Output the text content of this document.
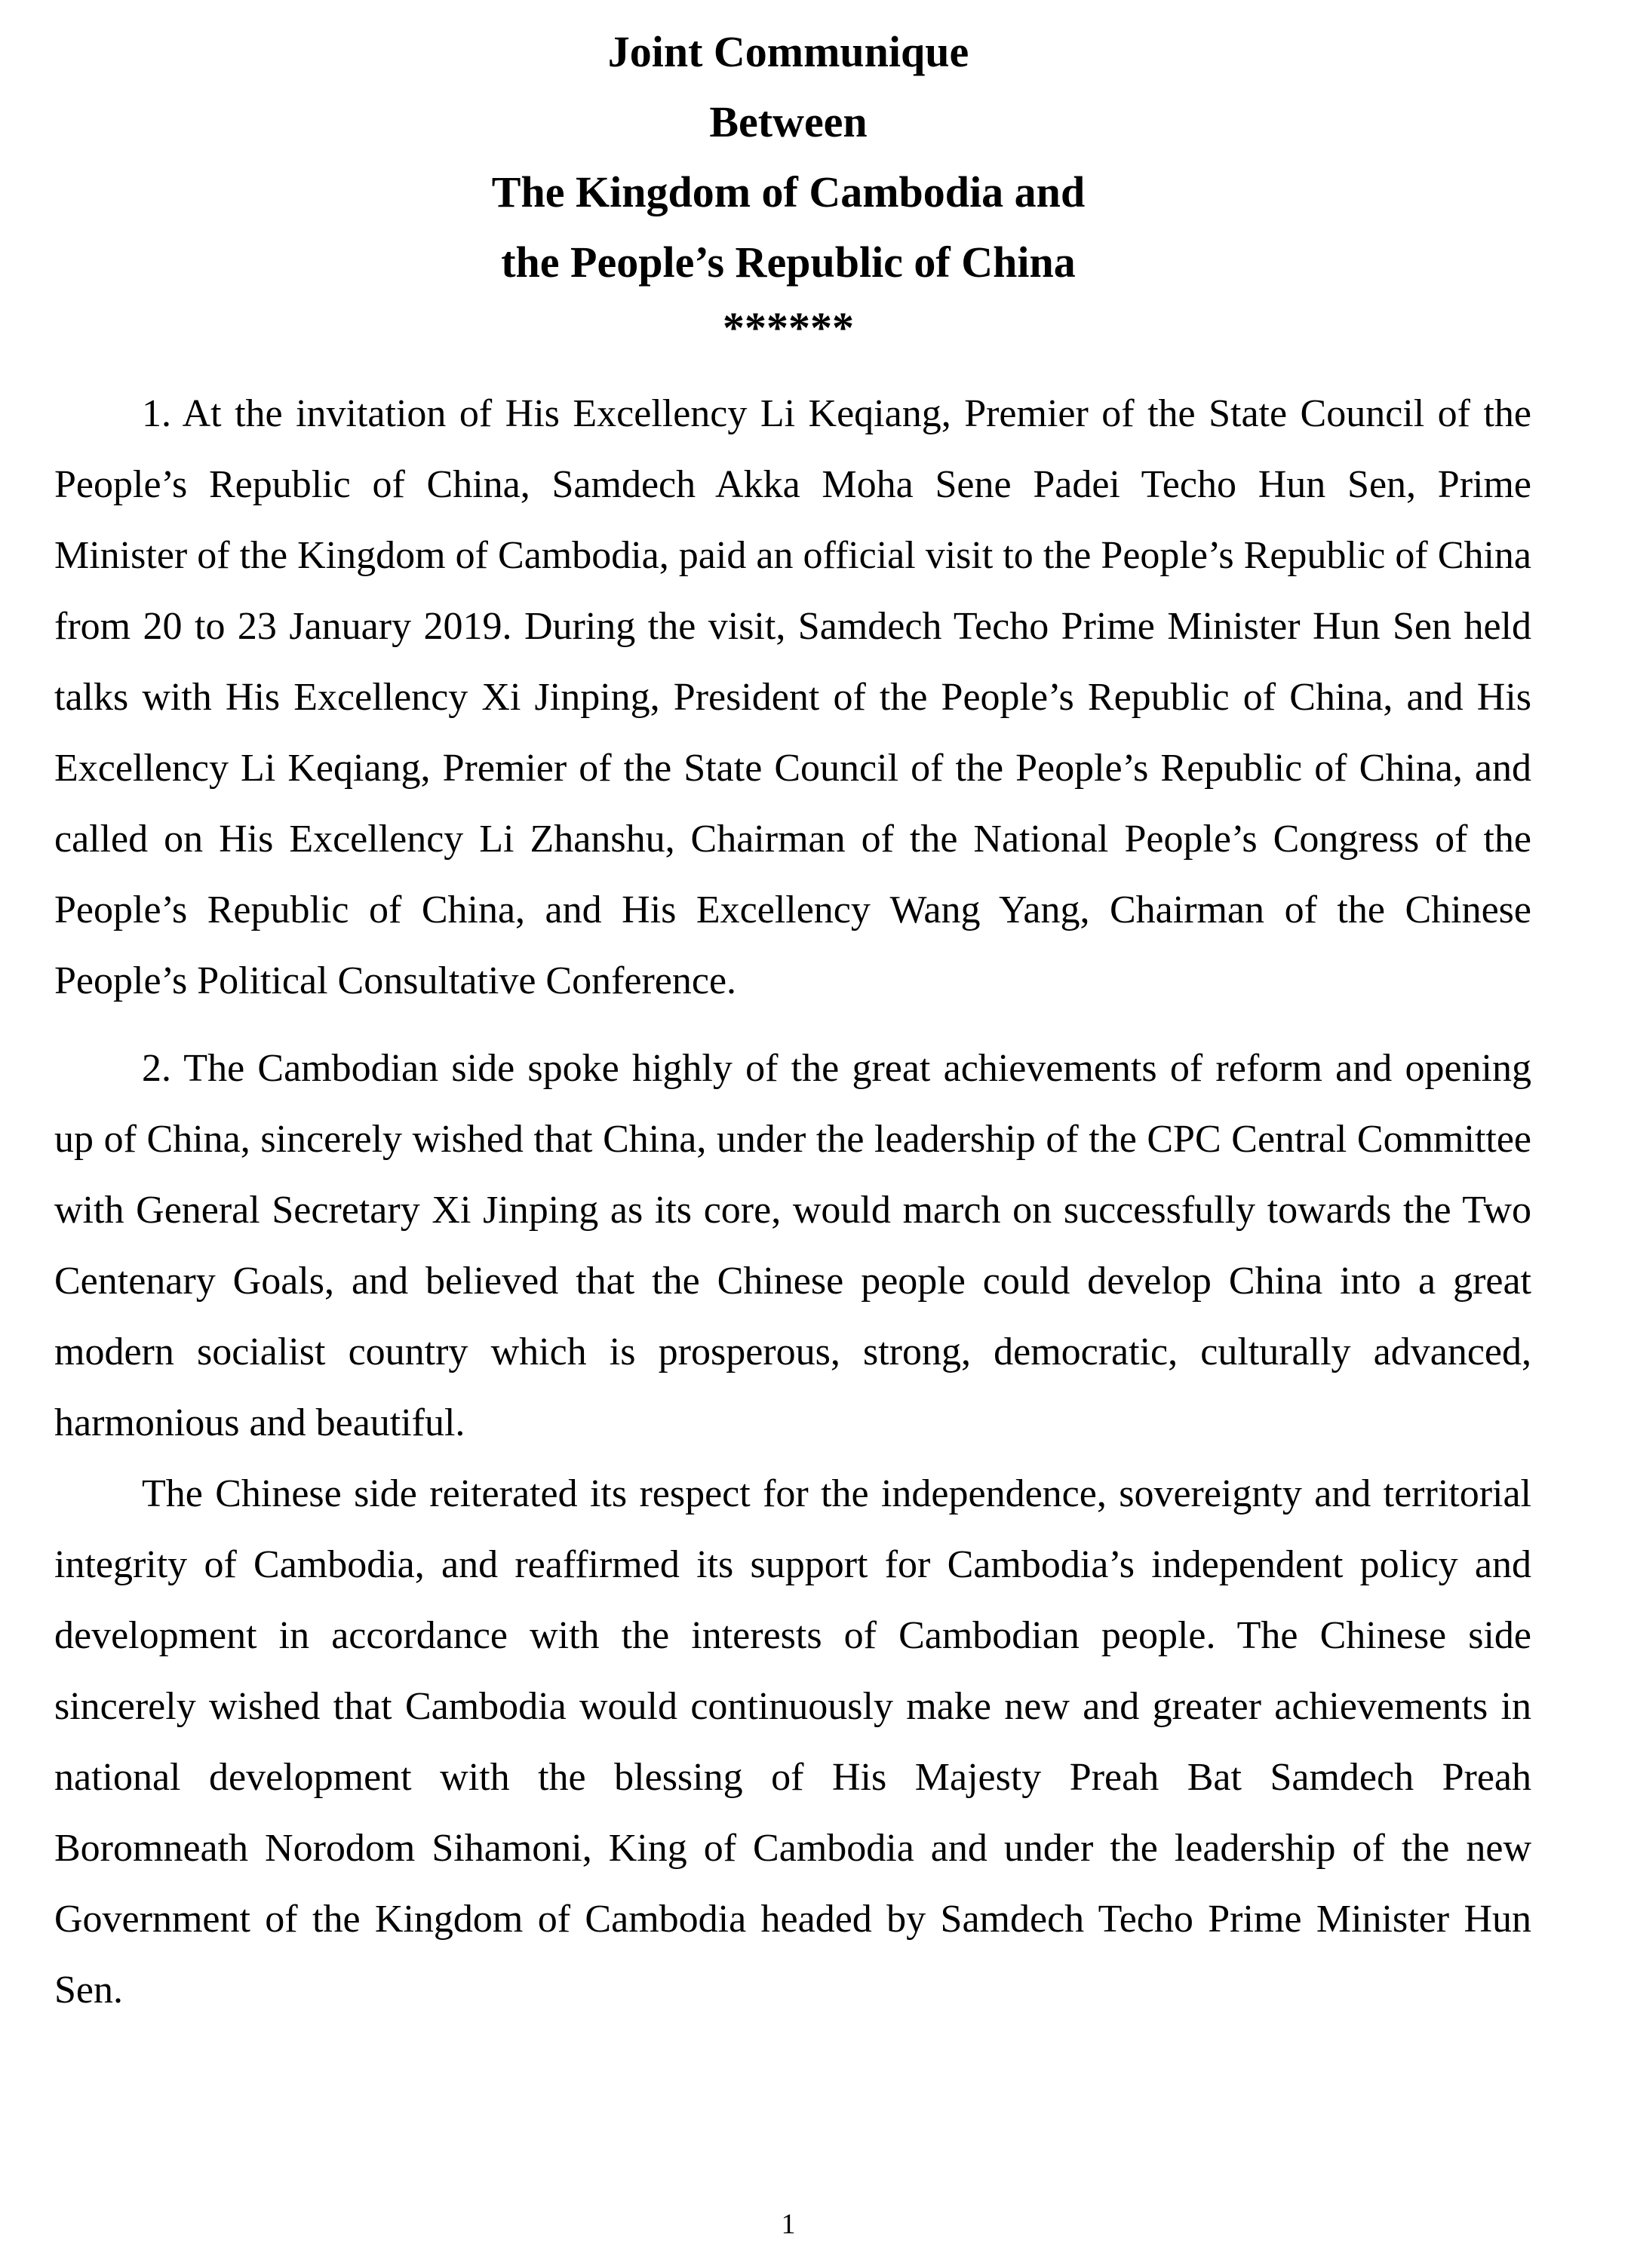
Joint Communique
Between
The Kingdom of Cambodia and
the People’s Republic of China
******

1. At the invitation of His Excellency Li Keqiang, Premier of the State Council of the People’s Republic of China, Samdech Akka Moha Sene Padei Techo Hun Sen, Prime Minister of the Kingdom of Cambodia, paid an official visit to the People’s Republic of China from 20 to 23 January 2019. During the visit, Samdech Techo Prime Minister Hun Sen held talks with His Excellency Xi Jinping, President of the People’s Republic of China, and His Excellency Li Keqiang, Premier of the State Council of the People’s Republic of China, and called on His Excellency Li Zhanshu, Chairman of the National People’s Congress of the People’s Republic of China, and His Excellency Wang Yang, Chairman of the Chinese People’s Political Consultative Conference.

2. The Cambodian side spoke highly of the great achievements of reform and opening up of China, sincerely wished that China, under the leadership of the CPC Central Committee with General Secretary Xi Jinping as its core, would march on successfully towards the Two Centenary Goals, and believed that the Chinese people could develop China into a great modern socialist country which is prosperous, strong, democratic, culturally advanced, harmonious and beautiful.

The Chinese side reiterated its respect for the independence, sovereignty and territorial integrity of Cambodia, and reaffirmed its support for Cambodia’s independent policy and development in accordance with the interests of Cambodian people. The Chinese side sincerely wished that Cambodia would continuously make new and greater achievements in national development with the blessing of His Majesty Preah Bat Samdech Preah Boromneath Norodom Sihamoni, King of Cambodia and under the leadership of the new Government of the Kingdom of Cambodia headed by Samdech Techo Prime Minister Hun Sen.

1
